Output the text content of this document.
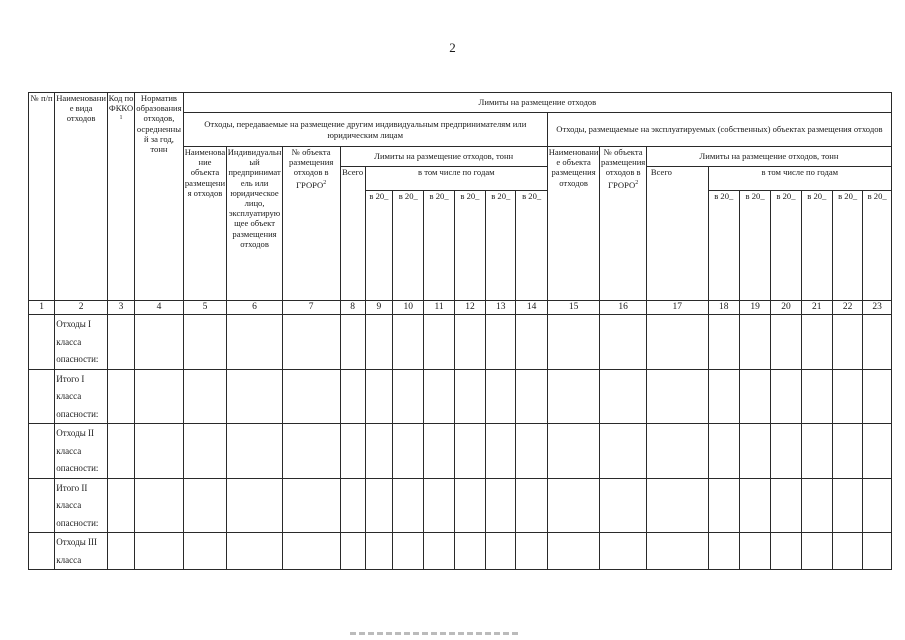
2
№ п/п	Наименование вида отходов	Код по ФККО$^1$	Норматив образования отходов, осредненный за год, тонн	Лимиты на размещение отходов																		
				Отходы, передаваемые на размещение другим индивидуальным предпринимателям или юридическим лицам										Отходы, размещаемые на эксплуатируемых (собственных) объектах размещения отходов								
				Наименование объекта размещения отходов	Индивидуальный предприниматель или юридическое лицо, эксплуатирующее объект размещения отходов	№ объекта размещения отходов в ГРОРО$^2$	Лимиты на размещение отходов, тонн							Наименование объекта размещения отходов	№ объекта размещения отходов в ГРОРО$^2$	Лимиты на размещение отходов, тонн						
							Всего	в том числе по годам								Всего	в том числе по годам					
								в 20_	в 20_	в 20_	в 20_	в 20_	в 20_				в 20_	в 20_	в 20_	в 20_	в 20_	в 20_
1	2	3	4	5	6	7	8	9	10	11	12	13	14	15	16	17	18	19	20	21	22	23
	Отходы I класса опасности:																					
	Итого I класса опасности:																					
	Отходы II класса опасности:																					
	Итого II класса опасности:																					
	Отходы III класса																					
